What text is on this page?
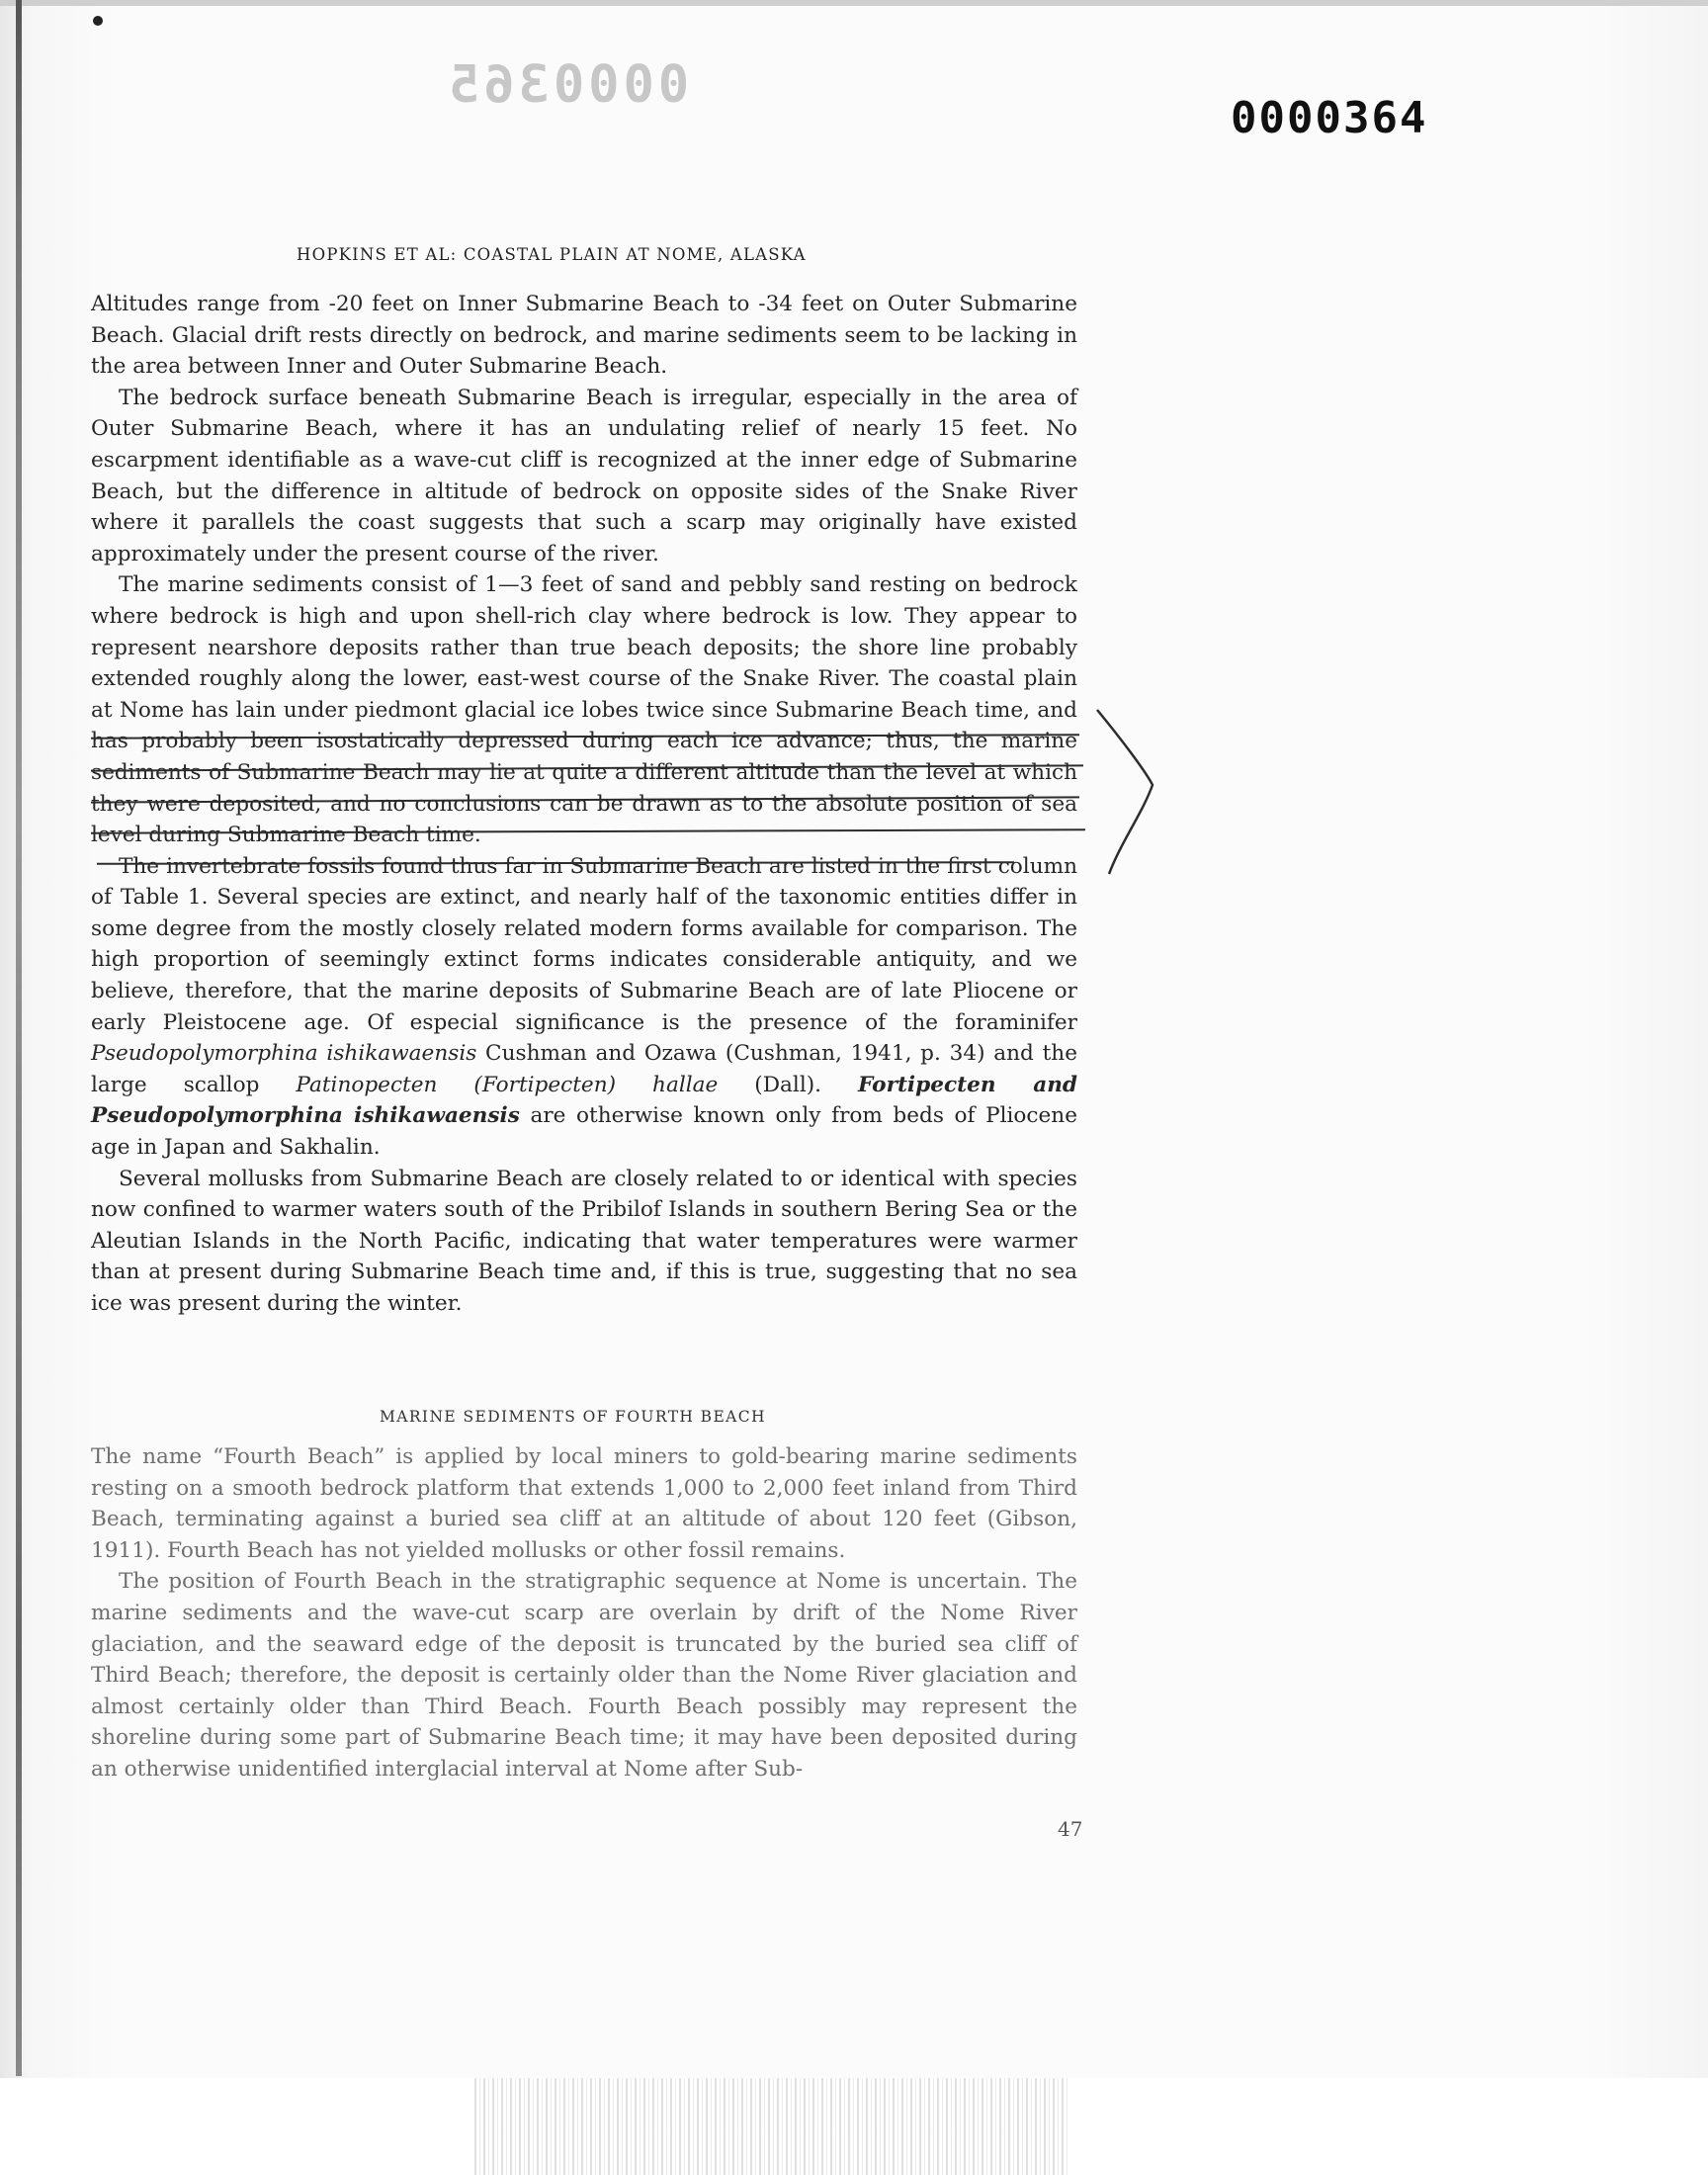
0000365
0000364
HOPKINS ET AL: COASTAL PLAIN AT NOME, ALASKA

Altitudes range from -20 feet on Inner Submarine Beach to -34 feet on Outer Submarine Beach. Glacial drift rests directly on bedrock, and marine sediments seem to be lacking in the area between Inner and Outer Submarine Beach.

The bedrock surface beneath Submarine Beach is irregular, especially in the area of Outer Submarine Beach, where it has an undulating relief of nearly 15 feet. No escarpment identifiable as a wave-cut cliff is recognized at the inner edge of Submarine Beach, but the difference in altitude of bedrock on opposite sides of the Snake River where it parallels the coast suggests that such a scarp may originally have existed approximately under the present course of the river.

The marine sediments consist of 1—3 feet of sand and pebbly sand resting on bedrock where bedrock is high and upon shell-rich clay where bedrock is low. They appear to represent nearshore deposits rather than true beach deposits; the shore line probably extended roughly along the lower, east-west course of the Snake River. The coastal plain at Nome has lain under piedmont glacial ice lobes twice since Submarine Beach time, and has probably been isostatically depressed during each ice advance; thus, the marine sediments of Submarine Beach may lie at quite a different altitude than the level at which they were deposited, and no conclusions can be drawn as to the absolute position of sea level during Submarine Beach time.

The invertebrate fossils found thus far in Submarine Beach are listed in the first column of Table 1. Several species are extinct, and nearly half of the taxonomic entities differ in some degree from the mostly closely related modern forms available for comparison. The high proportion of seemingly extinct forms indicates considerable antiquity, and we believe, therefore, that the marine deposits of Submarine Beach are of late Pliocene or early Pleistocene age. Of especial significance is the presence of the foraminifer Pseudopolymorphina ishikawaensis Cushman and Ozawa (Cushman, 1941, p. 34) and the large scallop Patinopecten (Fortipecten) hallae (Dall). Fortipecten and Pseudopolymorphina ishikawaensis are otherwise known only from beds of Pliocene age in Japan and Sakhalin.

Several mollusks from Submarine Beach are closely related to or identical with species now confined to warmer waters south of the Pribilof Islands in southern Bering Sea or the Aleutian Islands in the North Pacific, indicating that water temperatures were warmer than at present during Submarine Beach time and, if this is true, suggesting that no sea ice was present during the winter.

MARINE SEDIMENTS OF FOURTH BEACH

The name “Fourth Beach” is applied by local miners to gold-bearing marine sediments resting on a smooth bedrock platform that extends 1,000 to 2,000 feet inland from Third Beach, terminating against a buried sea cliff at an altitude of about 120 feet (Gibson, 1911). Fourth Beach has not yielded mollusks or other fossil remains.

The position of Fourth Beach in the stratigraphic sequence at Nome is uncertain. The marine sediments and the wave-cut scarp are overlain by drift of the Nome River glaciation, and the seaward edge of the deposit is truncated by the buried sea cliff of Third Beach; therefore, the deposit is certainly older than the Nome River glaciation and almost certainly older than Third Beach. Fourth Beach possibly may represent the shoreline during some part of Submarine Beach time; it may have been deposited during an otherwise unidentified interglacial interval at Nome after Sub-

47
